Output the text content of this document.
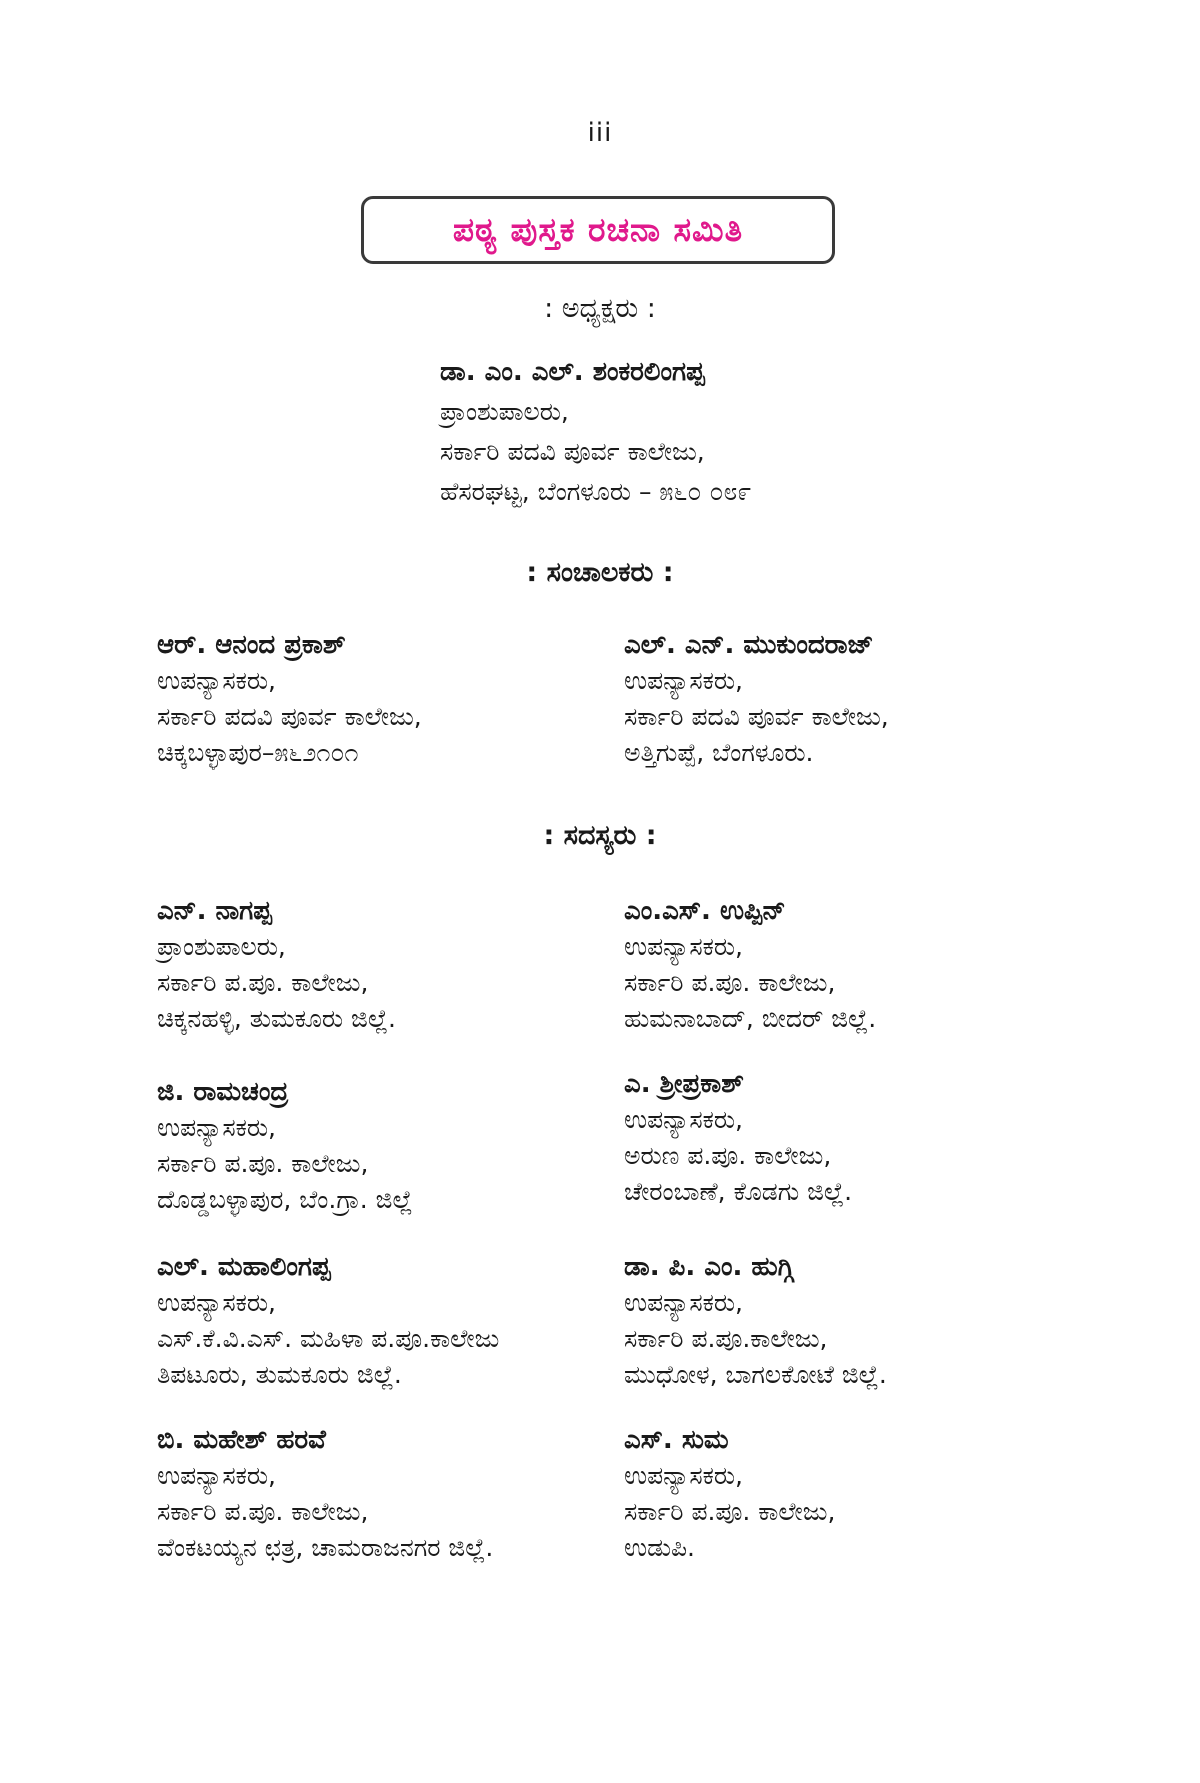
iii
ಪಠ್ಯ ಪುಸ್ತಕ ರಚನಾ ಸಮಿತಿ
: ಅಧ್ಯಕ್ಷರು :
ಡಾ. ಎಂ. ಎಲ್. ಶಂಕರಲಿಂಗಪ್ಪ
ಪ್ರಾಂಶುಪಾಲರು,
ಸರ್ಕಾರಿ ಪದವಿ ಪೂರ್ವ ಕಾಲೇಜು,
ಹೆಸರಘಟ್ಟ, ಬೆಂಗಳೂರು – ೫೬೦ ೦೮೯
: ಸಂಚಾಲಕರು :
ಆರ್. ಆನಂದ ಪ್ರಕಾಶ್
ಉಪನ್ಯಾಸಕರು,
ಸರ್ಕಾರಿ ಪದವಿ ಪೂರ್ವ ಕಾಲೇಜು,
ಚಿಕ್ಕಬಳ್ಳಾಪುರ–೫೬೨೧೦೧
ಎಲ್. ಎನ್. ಮುಕುಂದರಾಜ್
ಉಪನ್ಯಾಸಕರು,
ಸರ್ಕಾರಿ ಪದವಿ ಪೂರ್ವ ಕಾಲೇಜು,
ಅತ್ತಿಗುಪ್ಪೆ, ಬೆಂಗಳೂರು.
: ಸದಸ್ಯರು :
ಎನ್. ನಾಗಪ್ಪ
ಪ್ರಾಂಶುಪಾಲರು,
ಸರ್ಕಾರಿ ಪ.ಪೂ. ಕಾಲೇಜು,
ಚಿಕ್ಕನಹಳ್ಳಿ, ತುಮಕೂರು ಜಿಲ್ಲೆ.
ಎಂ.ಎಸ್. ಉಪ್ಪಿನ್
ಉಪನ್ಯಾಸಕರು,
ಸರ್ಕಾರಿ ಪ.ಪೂ. ಕಾಲೇಜು,
ಹುಮನಾಬಾದ್, ಬೀದರ್ ಜಿಲ್ಲೆ.
ಜಿ. ರಾಮಚಂದ್ರ
ಉಪನ್ಯಾಸಕರು,
ಸರ್ಕಾರಿ ಪ.ಪೂ. ಕಾಲೇಜು,
ದೊಡ್ಡಬಳ್ಳಾಪುರ, ಬೆಂ.ಗ್ರಾ. ಜಿಲ್ಲೆ
ಎ. ಶ್ರೀಪ್ರಕಾಶ್
ಉಪನ್ಯಾಸಕರು,
ಅರುಣ ಪ.ಪೂ. ಕಾಲೇಜು,
ಚೇರಂಬಾಣೆ, ಕೊಡಗು ಜಿಲ್ಲೆ.
ಎಲ್. ಮಹಾಲಿಂಗಪ್ಪ
ಉಪನ್ಯಾಸಕರು,
ಎಸ್.ಕೆ.ವಿ.ಎಸ್. ಮಹಿಳಾ ಪ.ಪೂ.ಕಾಲೇಜು
ತಿಪಟೂರು, ತುಮಕೂರು ಜಿಲ್ಲೆ.
ಡಾ. ಪಿ. ಎಂ. ಹುಗ್ಗಿ
ಉಪನ್ಯಾಸಕರು,
ಸರ್ಕಾರಿ ಪ.ಪೂ.ಕಾಲೇಜು,
ಮುಧೋಳ, ಬಾಗಲಕೋಟೆ ಜಿಲ್ಲೆ.
ಬಿ. ಮಹೇಶ್ ಹರವೆ
ಉಪನ್ಯಾಸಕರು,
ಸರ್ಕಾರಿ ಪ.ಪೂ. ಕಾಲೇಜು,
ವೆಂಕಟಯ್ಯನ ಛತ್ರ, ಚಾಮರಾಜನಗರ ಜಿಲ್ಲೆ.
ಎಸ್. ಸುಮ
ಉಪನ್ಯಾಸಕರು,
ಸರ್ಕಾರಿ ಪ.ಪೂ. ಕಾಲೇಜು,
ಉಡುಪಿ.
